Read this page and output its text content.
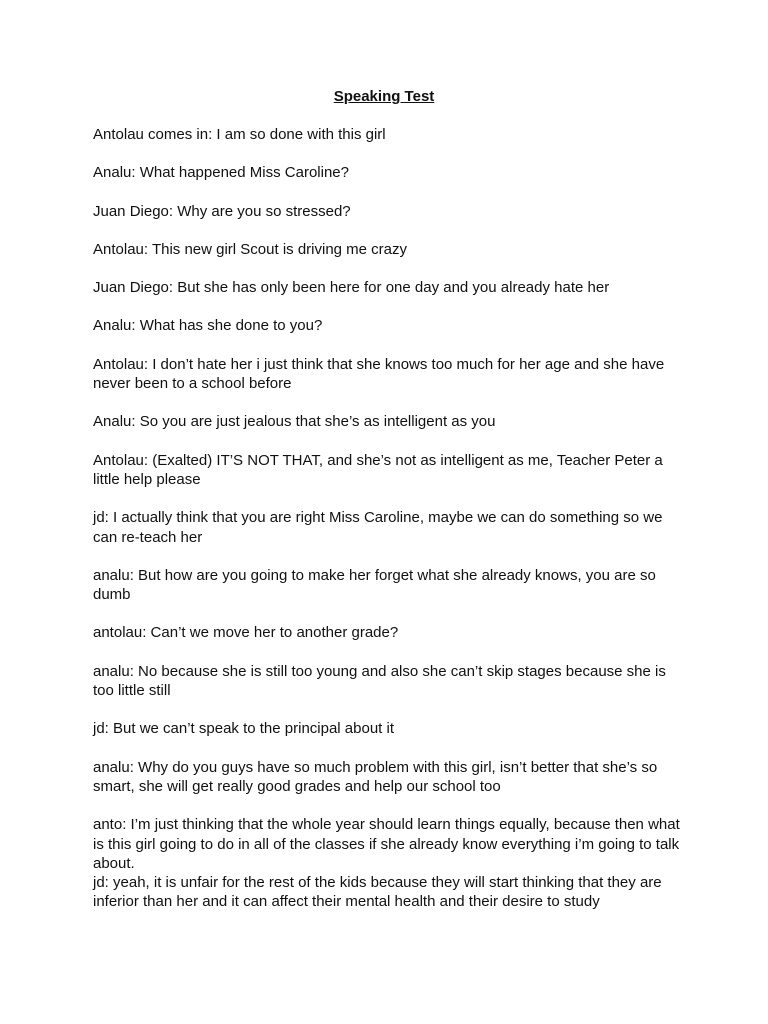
Speaking Test

Antolau comes in: I am so done with this girl

Analu: What happened Miss Caroline?

Juan Diego: Why are you so stressed?

Antolau: This new girl Scout is driving me crazy

Juan Diego: But she has only been here for one day and you already hate her

Analu: What has she done to you?

Antolau: I don’t hate her i just think that she knows too much for her age and she have never been to a school before

Analu: So you are just jealous that she’s as intelligent as you

Antolau: (Exalted) IT’S NOT THAT, and she’s not as intelligent as me, Teacher Peter a little help please

jd: I actually think that you are right Miss Caroline, maybe we can do something so we can re-teach her

analu: But how are you going to make her forget what she already knows, you are so dumb

antolau: Can’t we move her to another grade?

analu: No because she is still too young and also she can’t skip stages because she is too little still

jd: But we can’t speak to the principal about it

analu: Why do you guys have so much problem with this girl, isn’t better that she’s so smart, she will get really good grades and help our school too

anto: I’m just thinking that the whole year should learn things equally, because then what is this girl going to do in all of the classes if she already know everything i’m going to talk about.

jd: yeah, it is unfair for the rest of the kids because they will start thinking that they are inferior than her and it can affect their mental health and their desire to study
